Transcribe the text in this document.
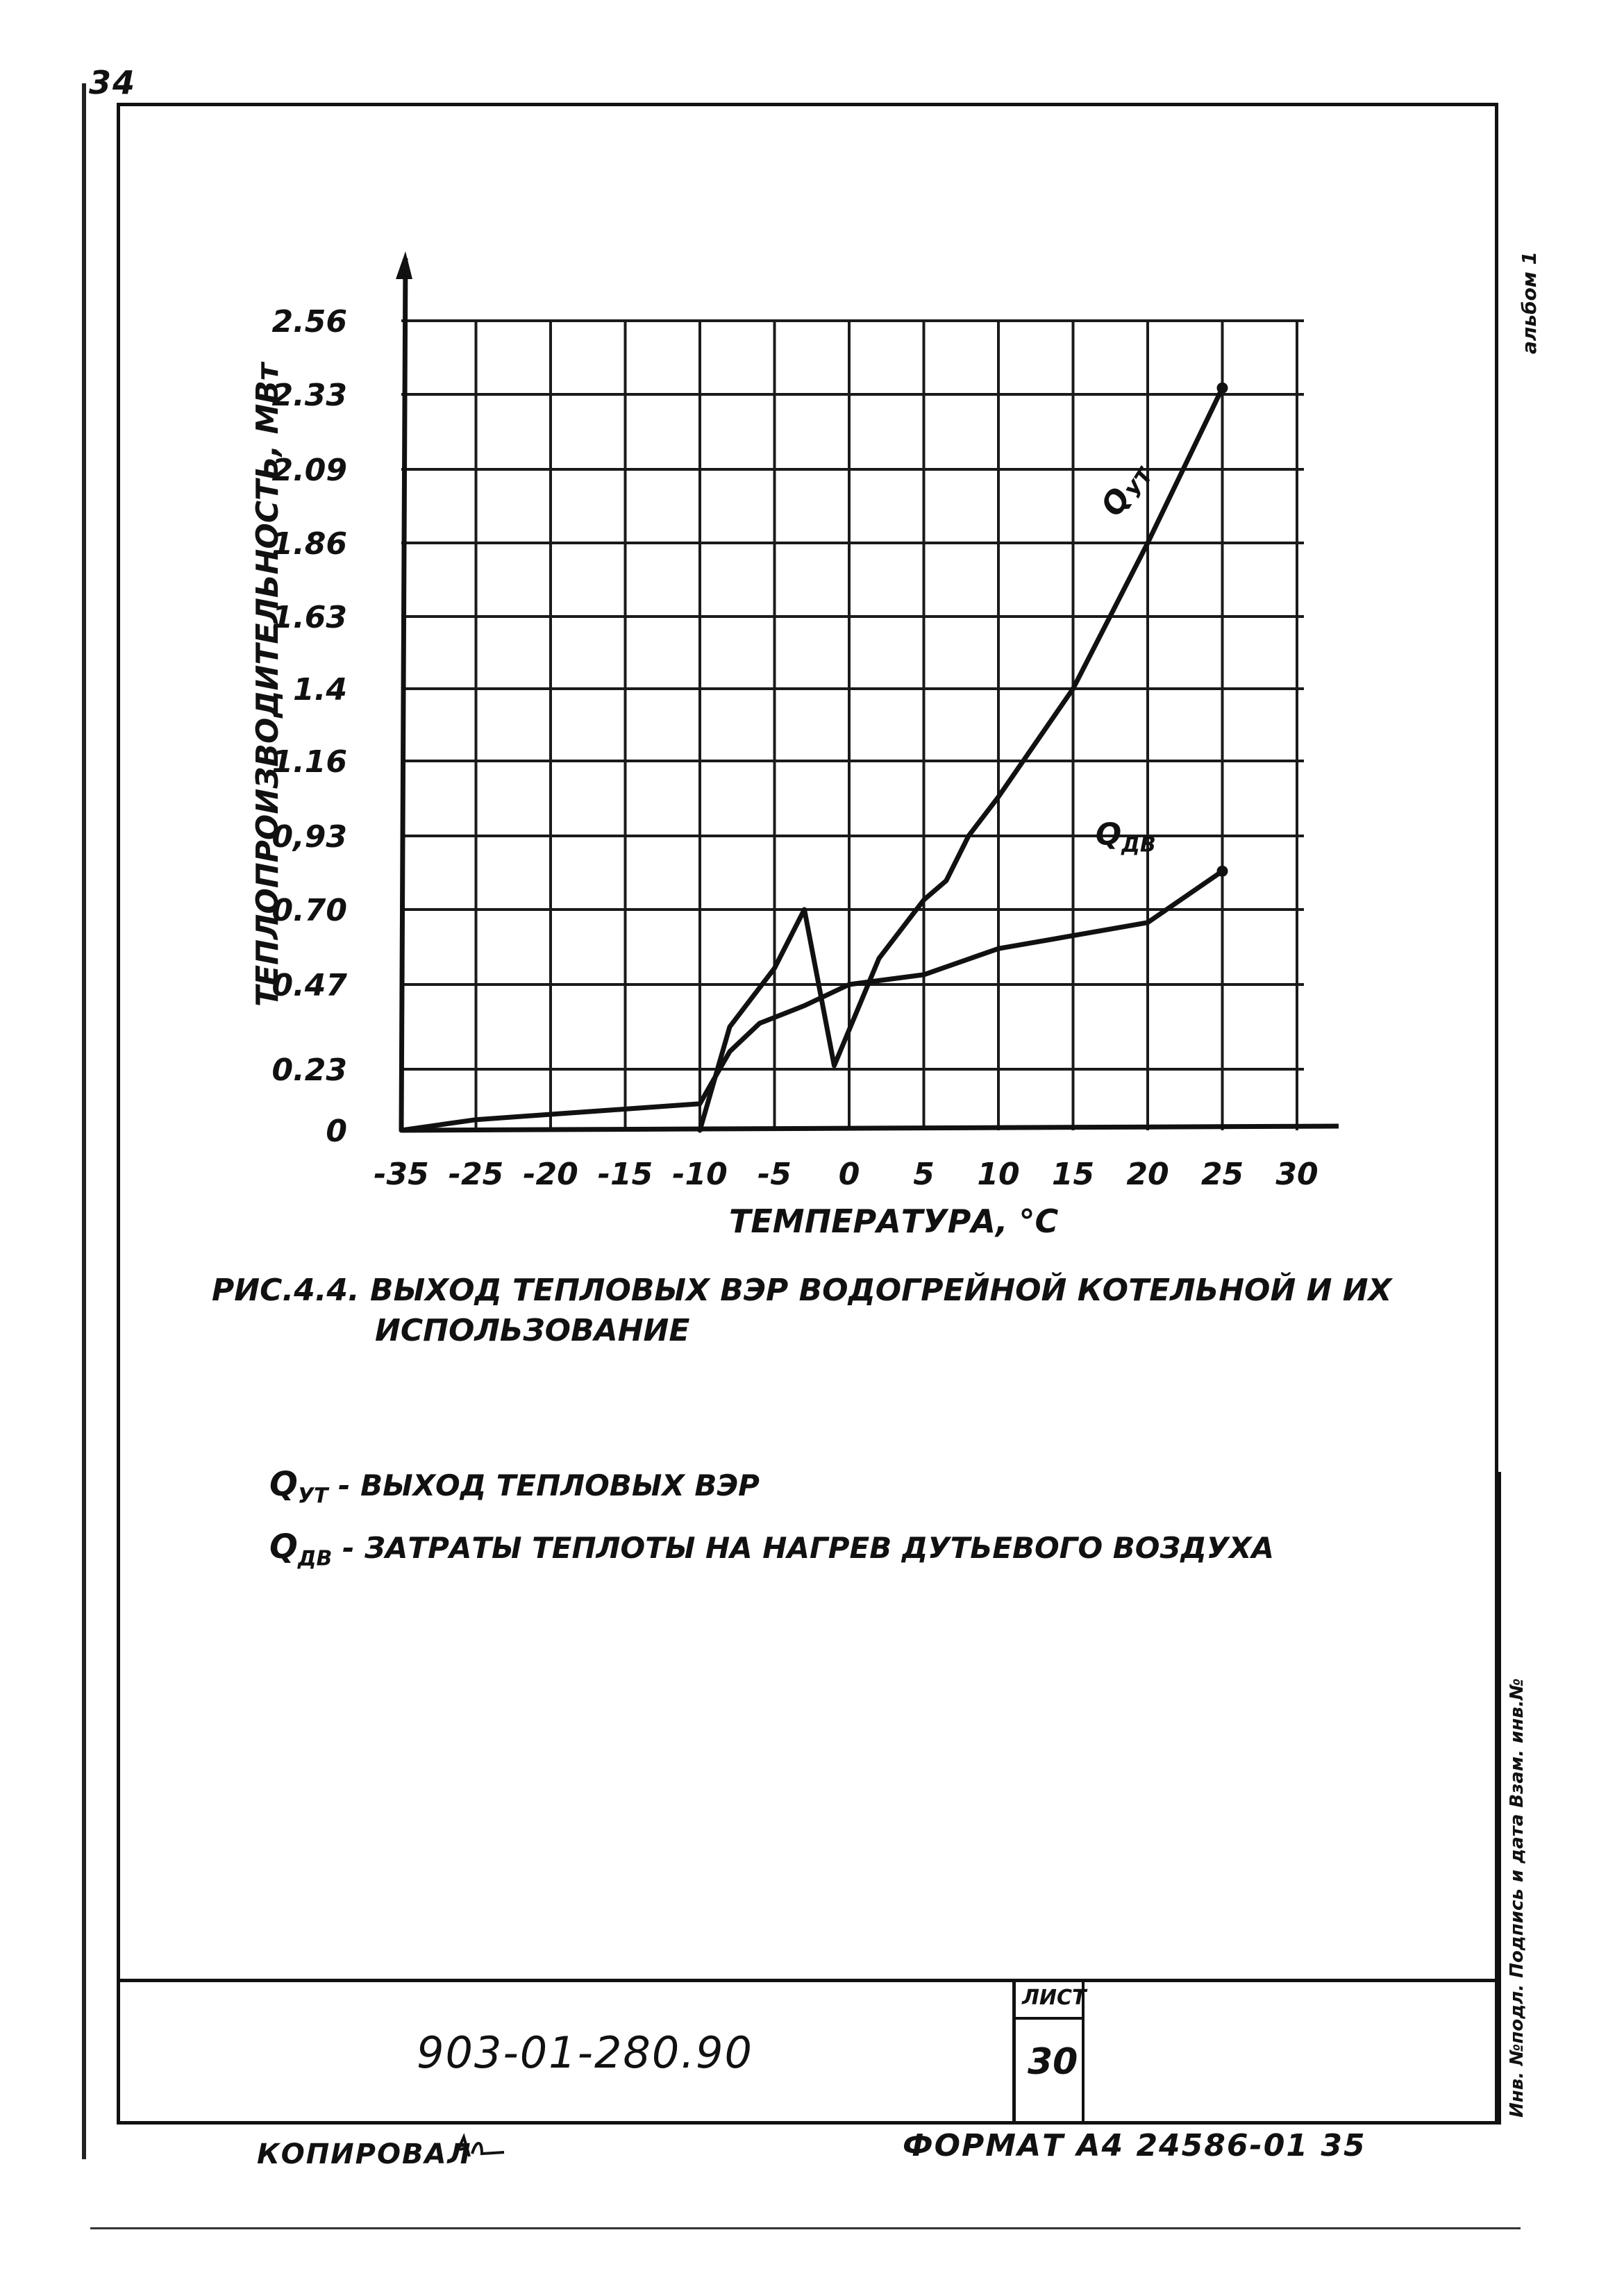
34
альбом 1
Инв. №подл. Подпись и дата Взам. инв.№
$Q_{УТ}$
$Q_{ДВ}$
-35 -25 -20 -15 -10 -5 0 5 10 15 20 25 30
0
0.23
0.47
0.70
0,93
1.16
1.4
1.63
1.86
2.09
2.33
2.56
ТЕПЛОПРОИЗВОДИТЕЛЬНОСТЬ, МВт
ТЕМПЕРАТУРА, °С
РИС.4.4. ВЫХОД ТЕПЛОВЫХ ВЭР ВОДОГРЕЙНОЙ КОТЕЛЬНОЙ И ИХ
ИСПОЛЬЗОВАНИЕ
$Q_{УТ}$ - ВЫХОД ТЕПЛОВЫХ ВЭР
$Q_{ДВ}$ - ЗАТРАТЫ ТЕПЛОТЫ НА НАГРЕВ ДУТЬЕВОГО ВОЗДУХА
903-01-280.90
ЛИСТ
30
КОПИРОВАЛ	ФОРМАТ А4 24586-01 35
